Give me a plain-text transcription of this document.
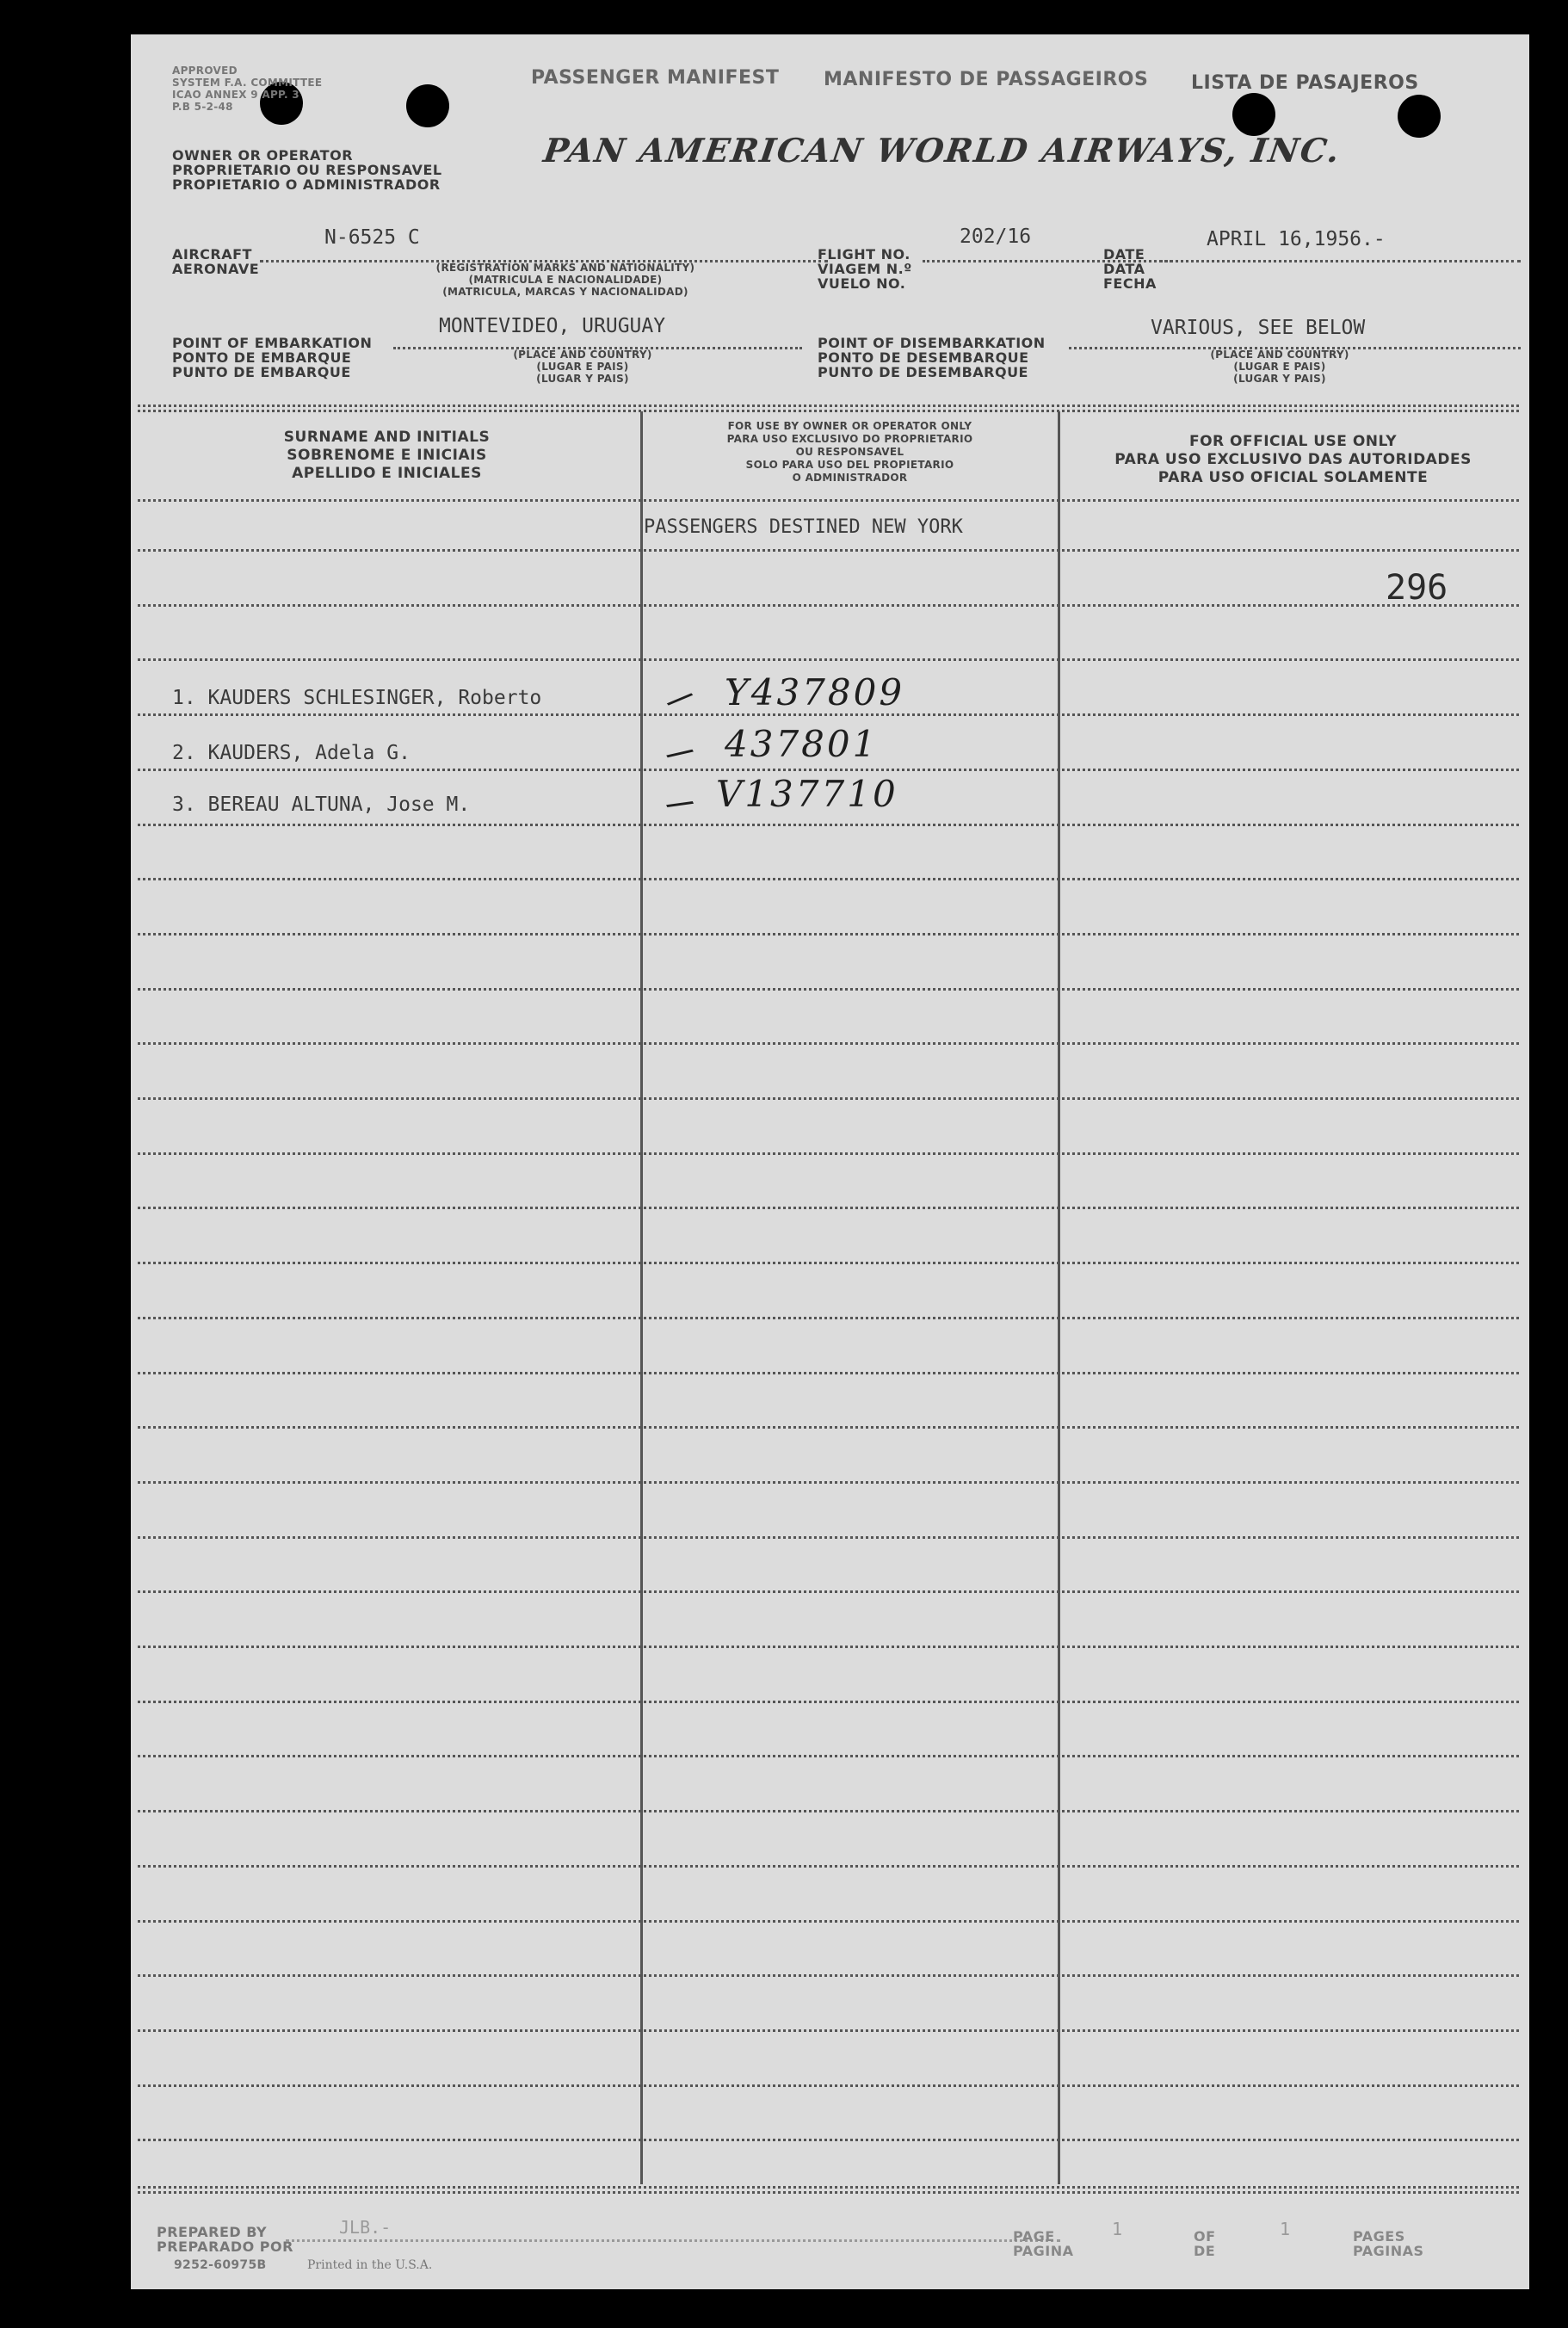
APPROVED
SYSTEM F.A. COMMITTEE
ICAO ANNEX 9 APP. 3
P.B 5-2-48
PASSENGER MANIFEST MANIFESTO DE PASSAGEIROS LISTA DE PASAJEROS
OWNER OR OPERATOR
PROPRIETARIO OU RESPONSAVEL
PROPIETARIO O ADMINISTRADOR
PAN AMERICAN WORLD AIRWAYS, INC.
AIRCRAFT
AERONAVE
N-6525 C
(REGISTRATION MARKS AND NATIONALITY)
(MATRICULA E NACIONALIDADE)
(MATRICULA, MARCAS Y NACIONALIDAD)
FLIGHT NO.
VIAGEM N.º
VUELO NO.
202/16
DATE
DATA
FECHA
APRIL 16,1956.-
POINT OF EMBARKATION
PONTO DE EMBARQUE
PUNTO DE EMBARQUE
MONTEVIDEO, URUGUAY
(PLACE AND COUNTRY)
(LUGAR E PAIS)
(LUGAR Y PAIS)
POINT OF DISEMBARKATION
PONTO DE DESEMBARQUE
PUNTO DE DESEMBARQUE
VARIOUS, SEE BELOW
(PLACE AND COUNTRY)
(LUGAR E PAIS)
(LUGAR Y PAIS)
SURNAME AND INITIALS
SOBRENOME E INICIAIS
APELLIDO E INICIALES
FOR USE BY OWNER OR OPERATOR ONLY
PARA USO EXCLUSIVO DO PROPRIETARIO
OU RESPONSAVEL
SOLO PARA USO DEL PROPIETARIO
O ADMINISTRADOR
FOR OFFICIAL USE ONLY
PARA USO EXCLUSIVO DAS AUTORIDADES
PARA USO OFICIAL SOLAMENTE
PASSENGERS DESTINED NEW YORK
296
1. KAUDERS SCHLESINGER, Roberto	/ Y437809
2. KAUDERS, Adela G.	/ 437801
3. BEREAU ALTUNA, Jose M.	/ V137710
PREPARED BY
PREPARADO POR
JLB.-
9252-60975B	Printed in the U.S.A.
PAGE
PAGINA
1	OF
DE
1	PAGES
PAGINAS
